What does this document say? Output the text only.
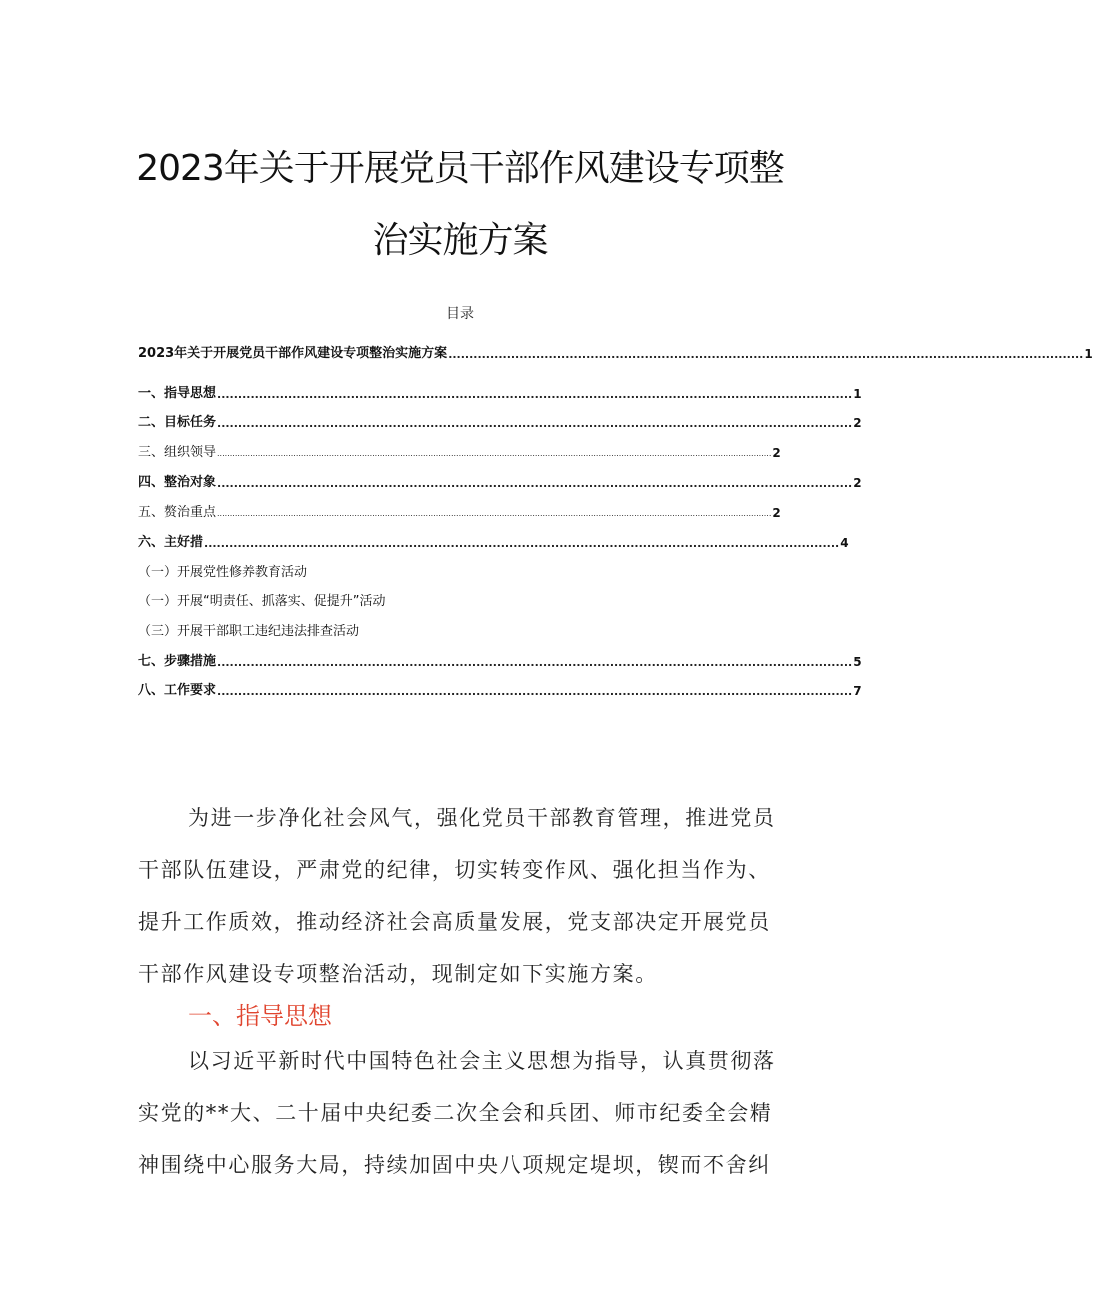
2023年关于开展党员干部作风建设专项整
治实施方案
目录
2023年关于开展党员干部作风建设专项整治实施方案 ........................................................................................................................................................ 1
一、指导思想 ........................................................................................................................................................ 1
二、目标任务 ........................................................................................................................................................ 2
三、组织领导 .......................................................................................................................................................................................................................... 2
四、整治对象 ........................................................................................................................................................ 2
五、赘治重点 .......................................................................................................................................................................................................................... 2
六、主好措 ........................................................................................................................................................ 4
（一）开展党性修养教育活动
（一）开展“明责任、抓落实、促提升”活动
（三）开展干部职工违纪违法排查活动
七、步骤措施 ........................................................................................................................................................ 5
八、工作要求 ........................................................................................................................................................ 7
为进一步净化社会风气，强化党员干部教育管理，推进党员
干部队伍建设，严肃党的纪律，切实转变作风、强化担当作为、
提升工作质效，推动经济社会高质量发展，党支部决定开展党员
干部作风建设专项整治活动，现制定如下实施方案。
一、指导思想
以习近平新时代中国特色社会主义思想为指导，认真贯彻落
实党的**大、二十届中央纪委二次全会和兵团、师市纪委全会精
神围绕中心服务大局，持续加固中央八项规定堤坝，锲而不舍纠
